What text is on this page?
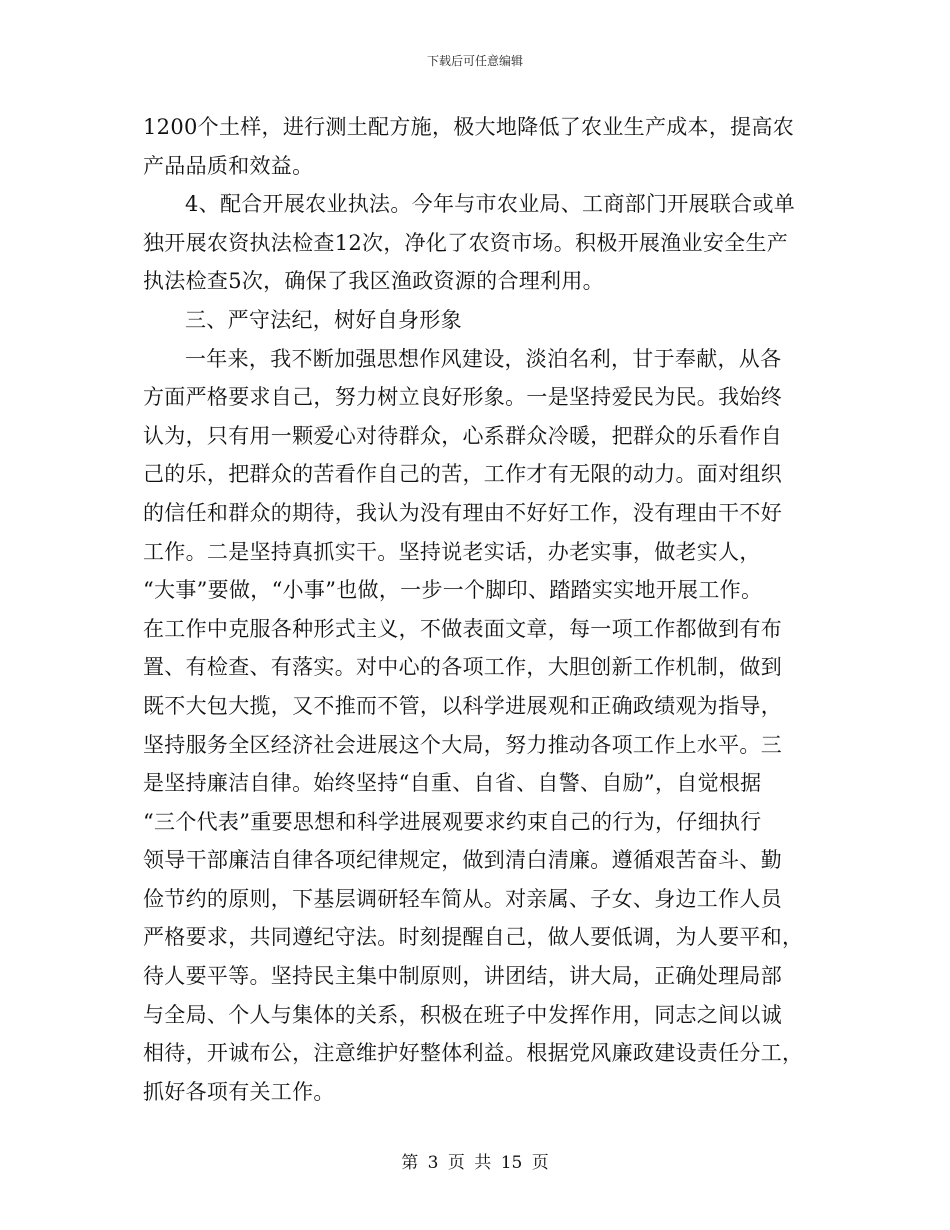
下载后可任意编辑
1200个土样，进行测土配方施，极大地降低了农业生产成本，提高农
产品品质和效益。
4、配合开展农业执法。今年与市农业局、工商部门开展联合或单
独开展农资执法检查12次，净化了农资市场。积极开展渔业安全生产
执法检查5次，确保了我区渔政资源的合理利用。
三、严守法纪，树好自身形象
一年来，我不断加强思想作风建设，淡泊名利，甘于奉献，从各
方面严格要求自己，努力树立良好形象。一是坚持爱民为民。我始终
认为，只有用一颗爱心对待群众，心系群众冷暖，把群众的乐看作自
己的乐，把群众的苦看作自己的苦，工作才有无限的动力。面对组织
的信任和群众的期待，我认为没有理由不好好工作，没有理由干不好
工作。二是坚持真抓实干。坚持说老实话，办老实事，做老实人，
“大事”要做，“小事”也做，一步一个脚印、踏踏实实地开展工作。
在工作中克服各种形式主义，不做表面文章，每一项工作都做到有布
置、有检查、有落实。对中心的各项工作，大胆创新工作机制，做到
既不大包大揽，又不推而不管，以科学进展观和正确政绩观为指导，
坚持服务全区经济社会进展这个大局，努力推动各项工作上水平。三
是坚持廉洁自律。始终坚持“自重、自省、自警、自励”，自觉根据
“三个代表”重要思想和科学进展观要求约束自己的行为，仔细执行
领导干部廉洁自律各项纪律规定，做到清白清廉。遵循艰苦奋斗、勤
俭节约的原则，下基层调研轻车简从。对亲属、子女、身边工作人员
严格要求，共同遵纪守法。时刻提醒自己，做人要低调，为人要平和，
待人要平等。坚持民主集中制原则，讲团结，讲大局，正确处理局部
与全局、个人与集体的关系，积极在班子中发挥作用，同志之间以诚
相待，开诚布公，注意维护好整体利益。根据党风廉政建设责任分工，
抓好各项有关工作。
第 3 页 共 15 页
